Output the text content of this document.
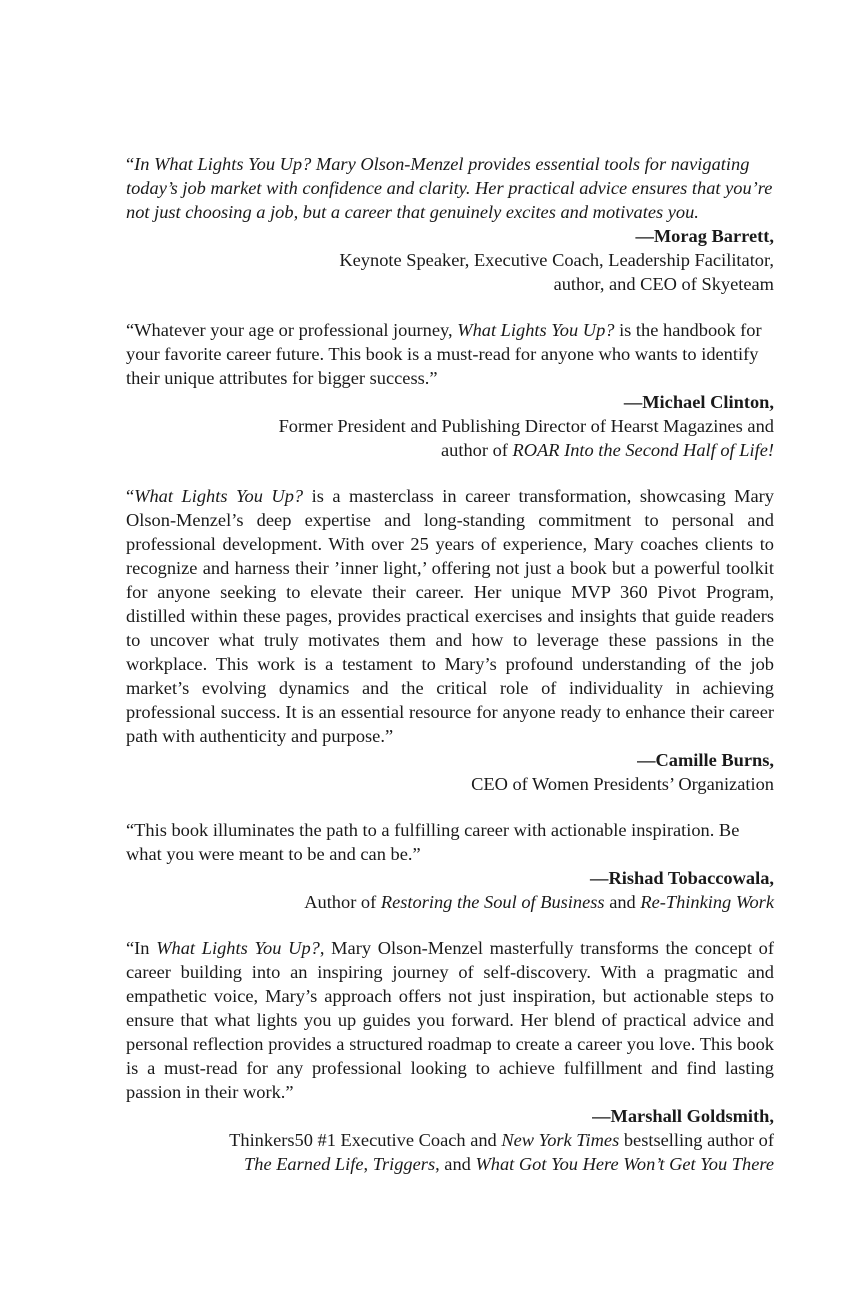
“In What Lights You Up? Mary Olson-Menzel provides essential tools for navigating today’s job market with confidence and clarity. Her practical advice ensures that you’re not just choosing a job, but a career that genuinely excites and motivates you.

—Morag Barrett,

Keynote Speaker, Executive Coach, Leadership Facilitator,

author, and CEO of Skyeteam

“Whatever your age or professional journey, What Lights You Up? is the handbook for your favorite career future. This book is a must-read for anyone who wants to identify their unique attributes for bigger success.”

—Michael Clinton,

Former President and Publishing Director of Hearst Magazines and

author of ROAR Into the Second Half of Life!

“What Lights You Up? is a masterclass in career transformation, showcasing Mary Olson-Menzel’s deep expertise and long-standing commitment to personal and professional development. With over 25 years of experience, Mary coaches clients to recognize and harness their ’inner light,’ offering not just a book but a powerful toolkit for anyone seeking to elevate their career. Her unique MVP 360 Pivot Program, distilled within these pages, provides practical exercises and insights that guide readers to uncover what truly motivates them and how to leverage these passions in the workplace. This work is a testament to Mary’s profound understanding of the job market’s evolving dynamics and the critical role of individuality in achieving professional success. It is an essential resource for anyone ready to enhance their career path with authenticity and purpose.”

—Camille Burns,

CEO of Women Presidents’ Organization

“This book illuminates the path to a fulfilling career with actionable inspiration. Be what you were meant to be and can be.”

—Rishad Tobaccowala,

Author of Restoring the Soul of Business and Re-Thinking Work

“In What Lights You Up?, Mary Olson-Menzel masterfully transforms the concept of career building into an inspiring journey of self-discovery. With a pragmatic and empathetic voice, Mary’s approach offers not just inspiration, but actionable steps to ensure that what lights you up guides you forward. Her blend of practical advice and personal reflection provides a structured roadmap to create a career you love. This book is a must-read for any professional looking to achieve fulfillment and find lasting passion in their work.”

—Marshall Goldsmith,

Thinkers50 #1 Executive Coach and New York Times bestselling author of

The Earned Life, Triggers, and What Got You Here Won’t Get You There
